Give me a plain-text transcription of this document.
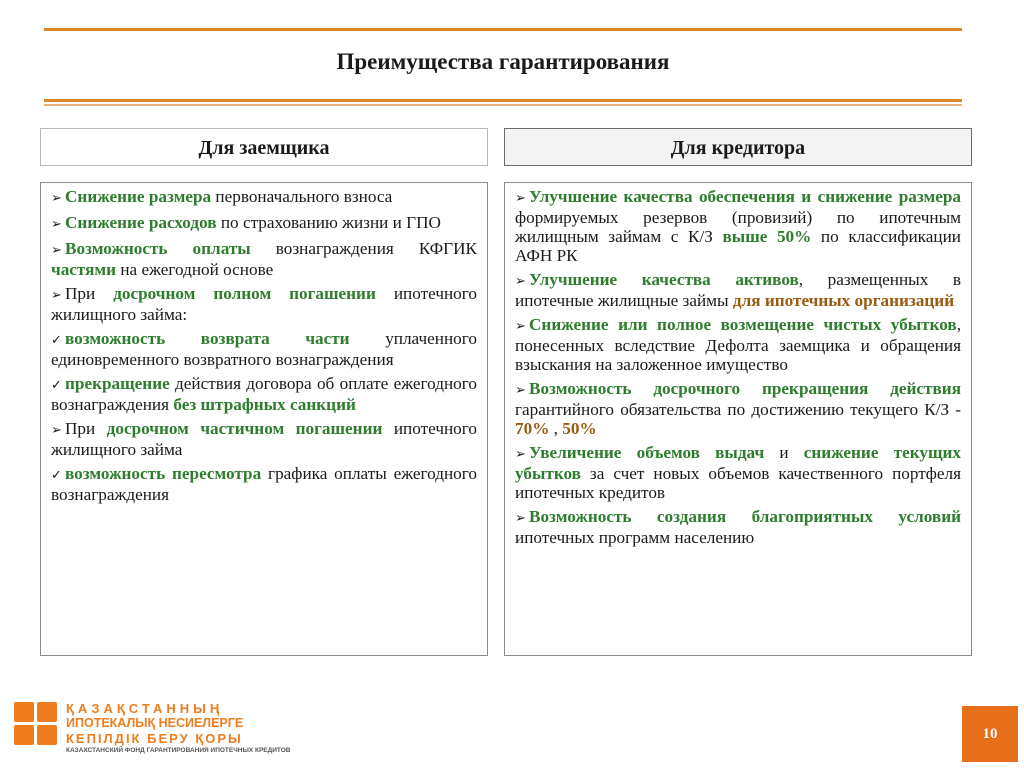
Преимущества гарантирования
Для заемщика	Для кредитора
➢ Снижение размера первоначального взноса
➢ Снижение расходов по страхованию жизни и ГПО
➢ Возможность оплаты вознаграждения КФГИК частями на ежегодной основе
➢ При досрочном полном погашении ипотечного жилищного займа:
✓ возможность возврата части уплаченного единовременного возвратного вознаграждения
✓ прекращение действия договора об оплате ежегодного вознаграждения без штрафных санкций
➢ При досрочном частичном погашении ипотечного жилищного займа
✓ возможность пересмотра графика оплаты ежегодного вознаграждения
➢ Улучшение качества обеспечения и снижение размера формируемых резервов (провизий) по ипотечным жилищным займам с К/З выше 50% по классификации АФН РК
➢ Улучшение качества активов, размещенных в ипотечные жилищные займы для ипотечных организаций
➢ Снижение или полное возмещение чистых убытков, понесенных вследствие Дефолта заемщика и обращения взыскания на заложенное имущество
➢ Возможность досрочного прекращения действия гарантийного обязательства по достижению текущего К/З - 70% , 50%
➢ Увеличение объемов выдач и снижение текущих убытков за счет новых объемов качественного портфеля ипотечных кредитов
➢ Возможность создания благоприятных условий ипотечных программ населению
ҚАЗАҚСТАННЫҢ
ИПОТЕКАЛЫҚ НЕСИЕЛЕРГЕ
КЕПІЛДІК БЕРУ ҚОРЫ
КАЗАХСТАНСКИЙ ФОНД ГАРАНТИРОВАНИЯ ИПОТЕЧНЫХ КРЕДИТОВ
10
